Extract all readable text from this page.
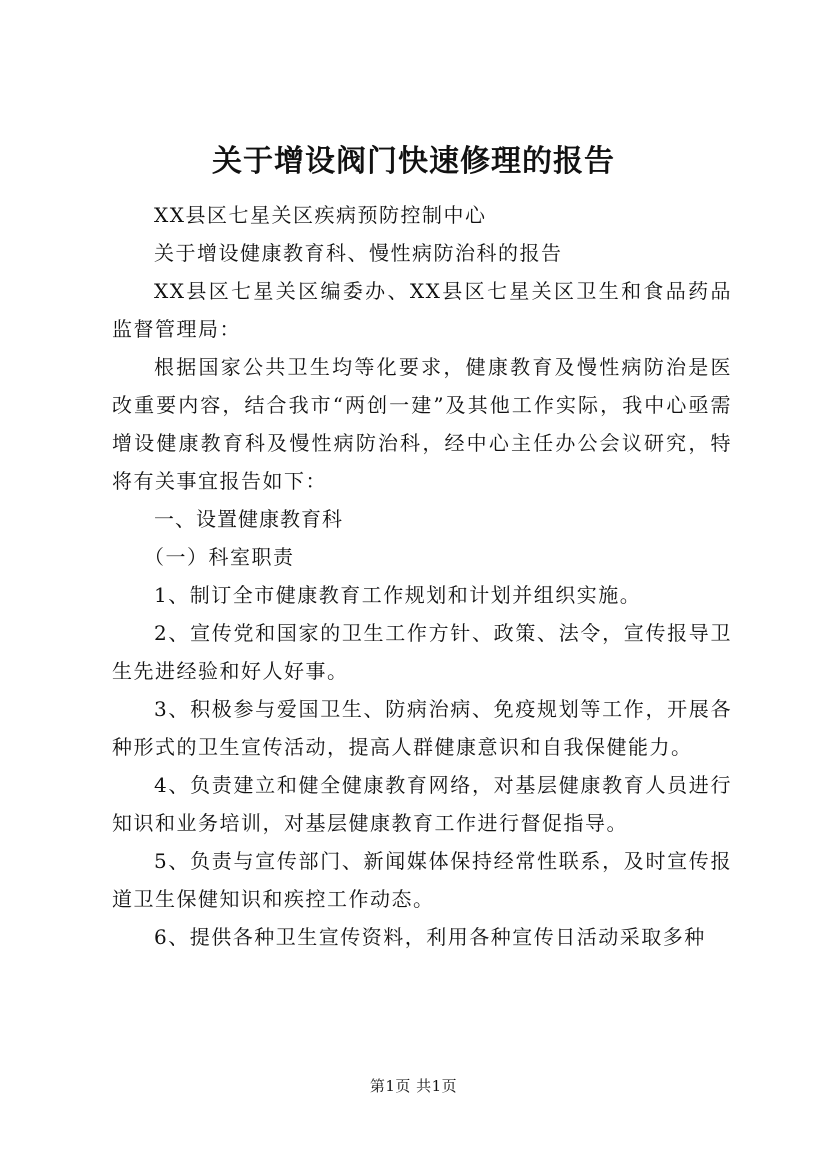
关于增设阀门快速修理的报告

XX县区七星关区疾病预防控制中心

关于增设健康教育科、慢性病防治科的报告

XX县区七星关区编委办、XX县区七星关区卫生和食品药品监督管理局：

根据国家公共卫生均等化要求，健康教育及慢性病防治是医改重要内容，结合我市“两创一建”及其他工作实际，我中心亟需增设健康教育科及慢性病防治科，经中心主任办公会议研究，特将有关事宜报告如下：

一、设置健康教育科

（一）科室职责

1、制订全市健康教育工作规划和计划并组织实施。

2、宣传党和国家的卫生工作方针、政策、法令，宣传报导卫生先进经验和好人好事。

3、积极参与爱国卫生、防病治病、免疫规划等工作，开展各种形式的卫生宣传活动，提高人群健康意识和自我保健能力。

4、负责建立和健全健康教育网络，对基层健康教育人员进行知识和业务培训，对基层健康教育工作进行督促指导。

5、负责与宣传部门、新闻媒体保持经常性联系，及时宣传报道卫生保健知识和疾控工作动态。

6、提供各种卫生宣传资料，利用各种宣传日活动采取多种

第1页 共1页
